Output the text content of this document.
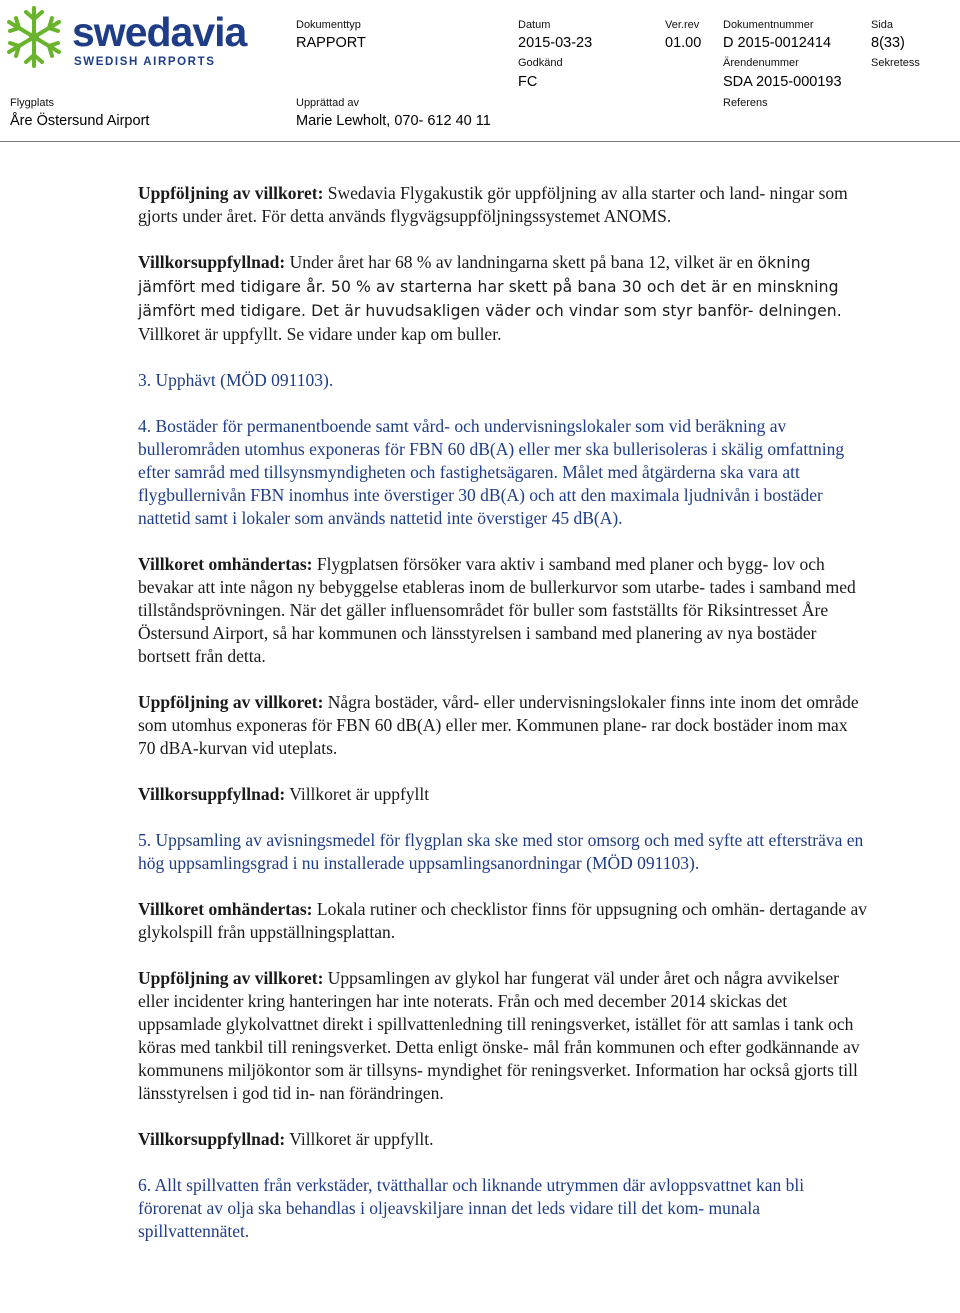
swedavia
SWEDISH AIRPORTS
Dokumenttyp
RAPPORT
Datum
2015-03-23
Ver.rev
01.00
Dokumentnummer
D 2015-0012414
Sida
8(33)
Godkänd
FC
Ärendenummer
SDA 2015-000193
Sekretess
Flygplats
Åre Östersund Airport
Upprättad av
Marie Lewholt, 070- 612 40 11
Referens

Uppföljning av villkoret: Swedavia Flygakustik gör uppföljning av alla starter och land- ningar som gjorts under året. För detta används flygvägsuppföljningssystemet ANOMS.

Villkorsuppfyllnad: Under året har 68 % av landningarna skett på bana 12, vilket är en ökning jämfört med tidigare år. 50 % av starterna har skett på bana 30 och det är en minskning jämfört med tidigare. Det är huvudsakligen väder och vindar som styr banför- delningen. Villkoret är uppfyllt. Se vidare under kap om buller.

3. Upphävt (MÖD 091103).

4. Bostäder för permanentboende samt vård- och undervisningslokaler som vid beräkning av bullerområden utomhus exponeras för FBN 60 dB(A) eller mer ska bullerisoleras i skälig omfattning efter samråd med tillsynsmyndigheten och fastighetsägaren. Målet med åtgärderna ska vara att flygbullernivån FBN inomhus inte överstiger 30 dB(A) och att den maximala ljudnivån i bostäder nattetid samt i lokaler som används nattetid inte överstiger 45 dB(A).

Villkoret omhändertas: Flygplatsen försöker vara aktiv i samband med planer och bygg- lov och bevakar att inte någon ny bebyggelse etableras inom de bullerkurvor som utarbe- tades i samband med tillståndsprövningen. När det gäller influensområdet för buller som fastställts för Riksintresset Åre Östersund Airport, så har kommunen och länsstyrelsen i samband med planering av nya bostäder bortsett från detta.

Uppföljning av villkoret: Några bostäder, vård- eller undervisningslokaler finns inte inom det område som utomhus exponeras för FBN 60 dB(A) eller mer. Kommunen plane- rar dock bostäder inom max 70 dBA-kurvan vid uteplats.

Villkorsuppfyllnad: Villkoret är uppfyllt

5. Uppsamling av avisningsmedel för flygplan ska ske med stor omsorg och med syfte att eftersträva en hög uppsamlingsgrad i nu installerade uppsamlingsanordningar (MÖD 091103).

Villkoret omhändertas: Lokala rutiner och checklistor finns för uppsugning och omhän- dertagande av glykolspill från uppställningsplattan.

Uppföljning av villkoret: Uppsamlingen av glykol har fungerat väl under året och några avvikelser eller incidenter kring hanteringen har inte noterats. Från och med december 2014 skickas det uppsamlade glykolvattnet direkt i spillvattenledning till reningsverket, istället för att samlas i tank och köras med tankbil till reningsverket. Detta enligt önske- mål från kommunen och efter godkännande av kommunens miljökontor som är tillsyns- myndighet för reningsverket. Information har också gjorts till länsstyrelsen i god tid in- nan förändringen.

Villkorsuppfyllnad: Villkoret är uppfyllt.

6. Allt spillvatten från verkstäder, tvätthallar och liknande utrymmen där avloppsvattnet kan bli förorenat av olja ska behandlas i oljeavskiljare innan det leds vidare till det kom- munala spillvattennätet.
